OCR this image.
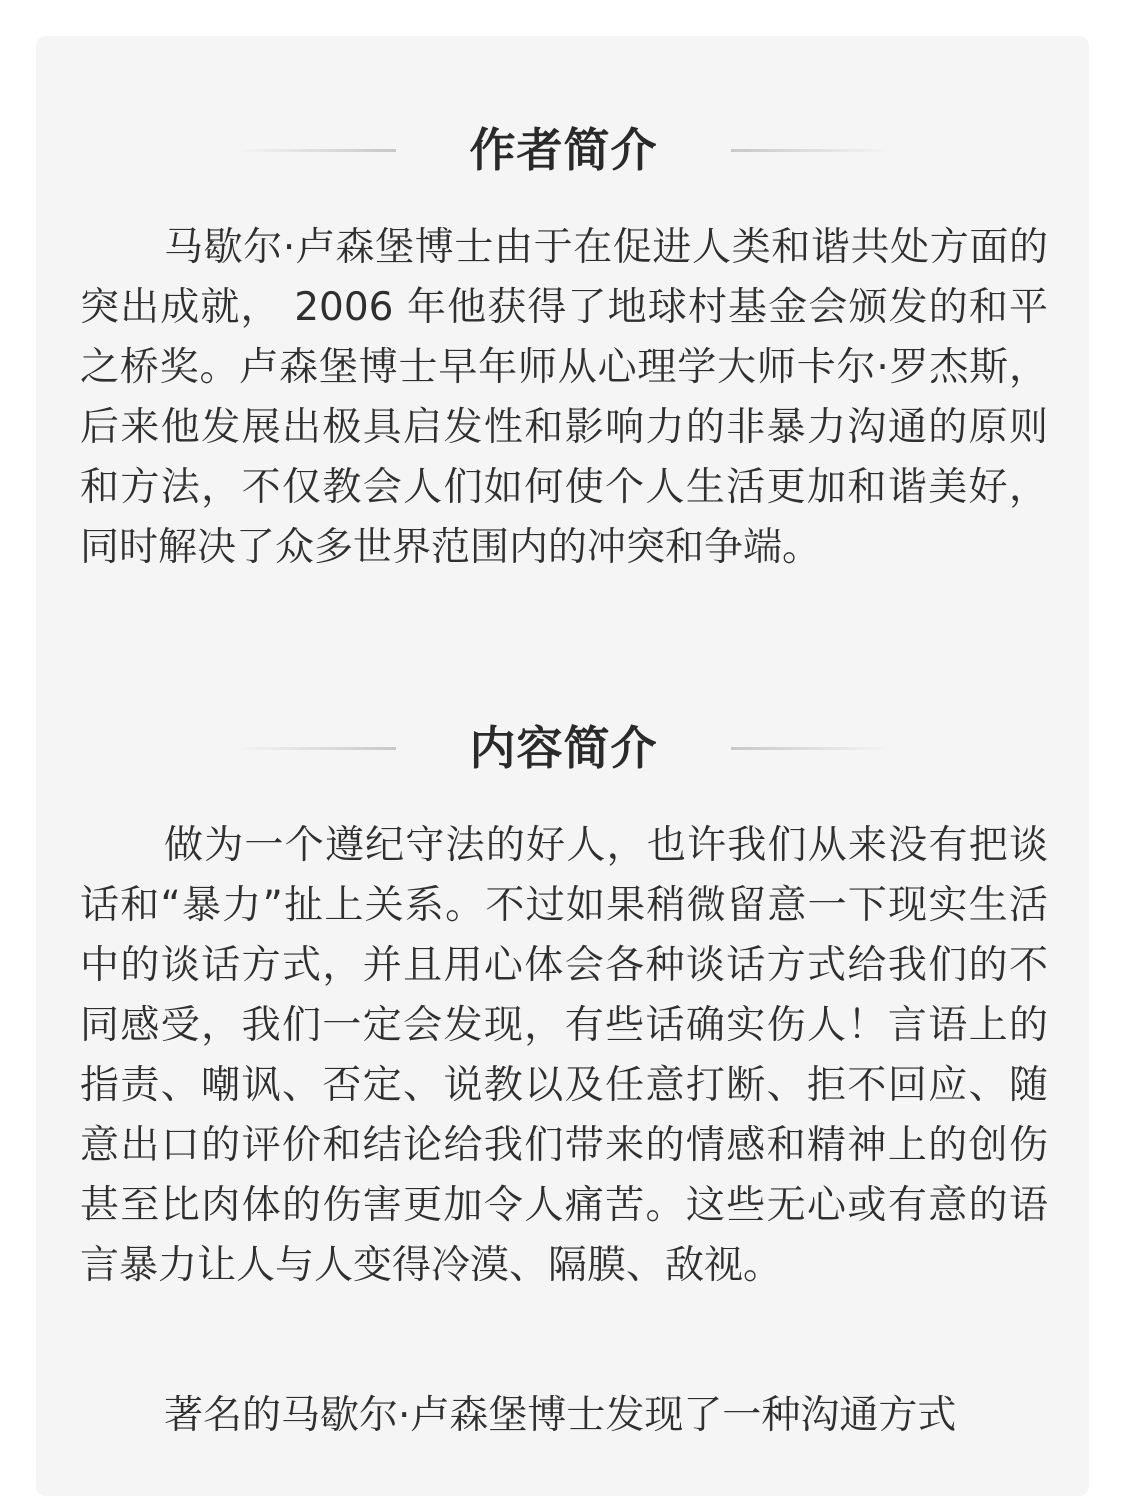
作者简介

马歇尔·卢森堡博士由于在促进人类和谐共处方面的突出成就， 2006 年他获得了地球村基金会颁发的和平之桥奖。卢森堡博士早年师从心理学大师卡尔·罗杰斯，后来他发展出极具启发性和影响力的非暴力沟通的原则和方法，不仅教会人们如何使个人生活更加和谐美好，同时解决了众多世界范围内的冲突和争端。

内容简介

做为一个遵纪守法的好人，也许我们从来没有把谈话和“暴力”扯上关系。不过如果稍微留意一下现实生活中的谈话方式，并且用心体会各种谈话方式给我们的不同感受，我们一定会发现，有些话确实伤人！言语上的指责、嘲讽、否定、说教以及任意打断、拒不回应、随意出口的评价和结论给我们带来的情感和精神上的创伤甚至比肉体的伤害更加令人痛苦。这些无心或有意的语言暴力让人与人变得冷漠、隔膜、敌视。

著名的马歇尔·卢森堡博士发现了一种沟通方式
